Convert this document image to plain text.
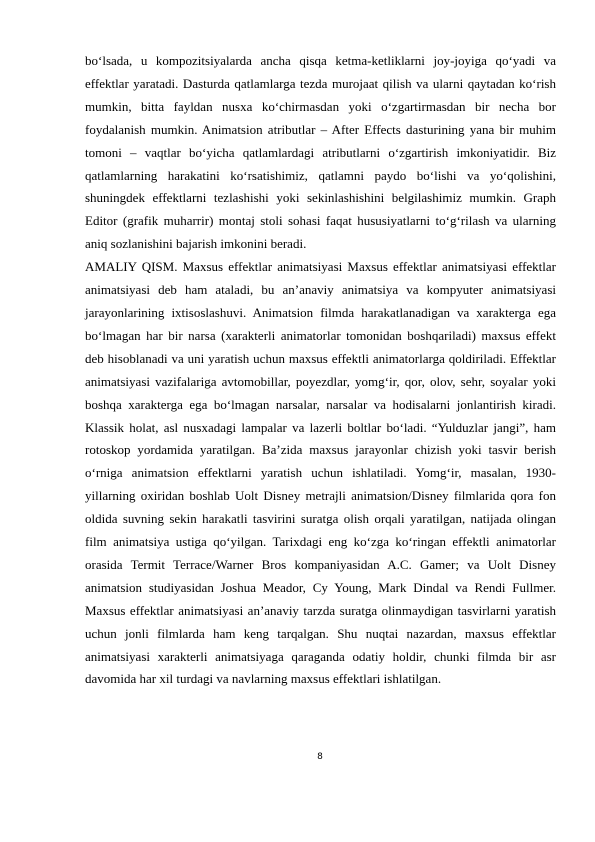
bo‘lsada, u kompozitsiyalarda ancha qisqa ketma-ketliklarni joy-joyiga qo‘yadi va effektlar yaratadi. Dasturda qatlamlarga tezda murojaat qilish va ularni qaytadan ko‘rish mumkin, bitta fayldan nusxa ko‘chirmasdan yoki o‘zgartirmasdan bir necha bor foydalanish mumkin. Animatsion atributlar – After Effects dasturining yana bir muhim tomoni – vaqtlar bo‘yicha qatlamlardagi atributlarni o‘zgartirish imkoniyatidir. Biz qatlamlarning harakatini ko‘rsatishimiz, qatlamni paydo bo‘lishi va yo‘qolishini, shuningdek effektlarni tezlashishi yoki sekinlashishini belgilashimiz mumkin. Graph Editor (grafik muharrir) montaj stoli sohasi faqat hususiyatlarni to‘g‘rilash va ularning aniq sozlanishini bajarish imkonini beradi.

AMALIY QISM. Maxsus effektlar animatsiyasi Maxsus effektlar animatsiyasi effektlar animatsiyasi deb ham ataladi, bu an’anaviy animatsiya va kompyuter animatsiyasi jarayonlarining ixtisoslashuvi. Animatsion filmda harakatlanadigan va xarakterga ega bo‘lmagan har bir narsa (xarakterli animatorlar tomonidan boshqariladi) maxsus effekt deb hisoblanadi va uni yaratish uchun maxsus effektli animatorlarga qoldiriladi. Effektlar animatsiyasi vazifalariga avtomobillar, poyezdlar, yomg‘ir, qor, olov, sehr, soyalar yoki boshqa xarakterga ega bo‘lmagan narsalar, narsalar va hodisalarni jonlantirish kiradi. Klassik holat, asl nusxadagi lampalar va lazerli boltlar bo‘ladi. “Yulduzlar jangi”, ham rotoskop yordamida yaratilgan. Ba’zida maxsus jarayonlar chizish yoki tasvir berish o‘rniga animatsion effektlarni yaratish uchun ishlatiladi. Yomg‘ir, masalan, 1930-yillarning oxiridan boshlab Uolt Disney metrajli animatsion/Disney filmlarida qora fon oldida suvning sekin harakatli tasvirini suratga olish orqali yaratilgan, natijada olingan film animatsiya ustiga qo‘yilgan. Tarixdagi eng ko‘zga ko‘ringan effektli animatorlar orasida Termit Terrace/Warner Bros kompaniyasidan A.C. Gamer; va Uolt Disney animatsion studiyasidan Joshua Meador, Cy Young, Mark Dindal va Rendi Fullmer. Maxsus effektlar animatsiyasi an’anaviy tarzda suratga olinmaydigan tasvirlarni yaratish uchun jonli filmlarda ham keng tarqalgan. Shu nuqtai nazardan, maxsus effektlar animatsiyasi xarakterli animatsiyaga qaraganda odatiy holdir, chunki filmda bir asr davomida har xil turdagi va navlarning maxsus effektlari ishlatilgan.

8
